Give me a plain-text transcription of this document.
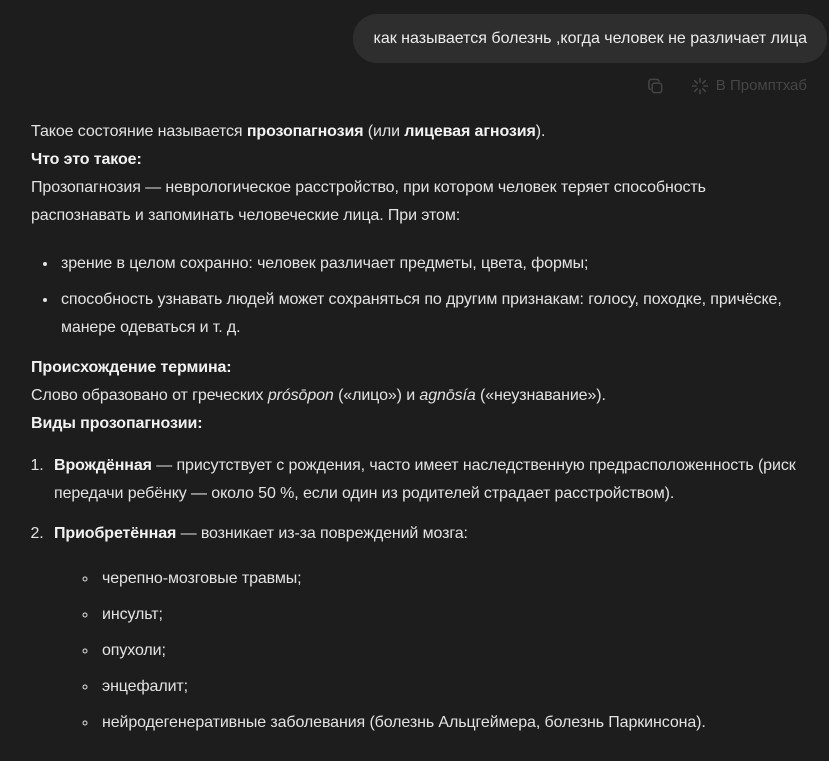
как называется болезнь ,когда человек не различает лица
В Промптхаб

Такое состояние называется прозопагнозия (или лицевая агнозия).

Что это такое:

Прозопагнозия — неврологическое расстройство, при котором человек теряет способность распознавать и запоминать человеческие лица. При этом:

• зрение в целом сохранно: человек различает предметы, цвета, формы;
• способность узнавать людей может сохраняться по другим признакам: голосу, походке, причёске, манере одеваться и т. д.

Происхождение термина:

Слово образовано от греческих prósōpon («лицо») и agnōsía («неузнавание»).

Виды прозопагнозии:

1. Врождённая — присутствует с рождения, часто имеет наследственную предрасположенность (риск передачи ребёнку — около 50 %, если один из родителей страдает расстройством).
2. Приобретённая — возникает из-за повреждений мозга:
◦ черепно-мозговые травмы;
◦ инсульт;
◦ опухоли;
◦ энцефалит;
◦ нейродегенеративные заболевания (болезнь Альцгеймера, болезнь Паркинсона).
